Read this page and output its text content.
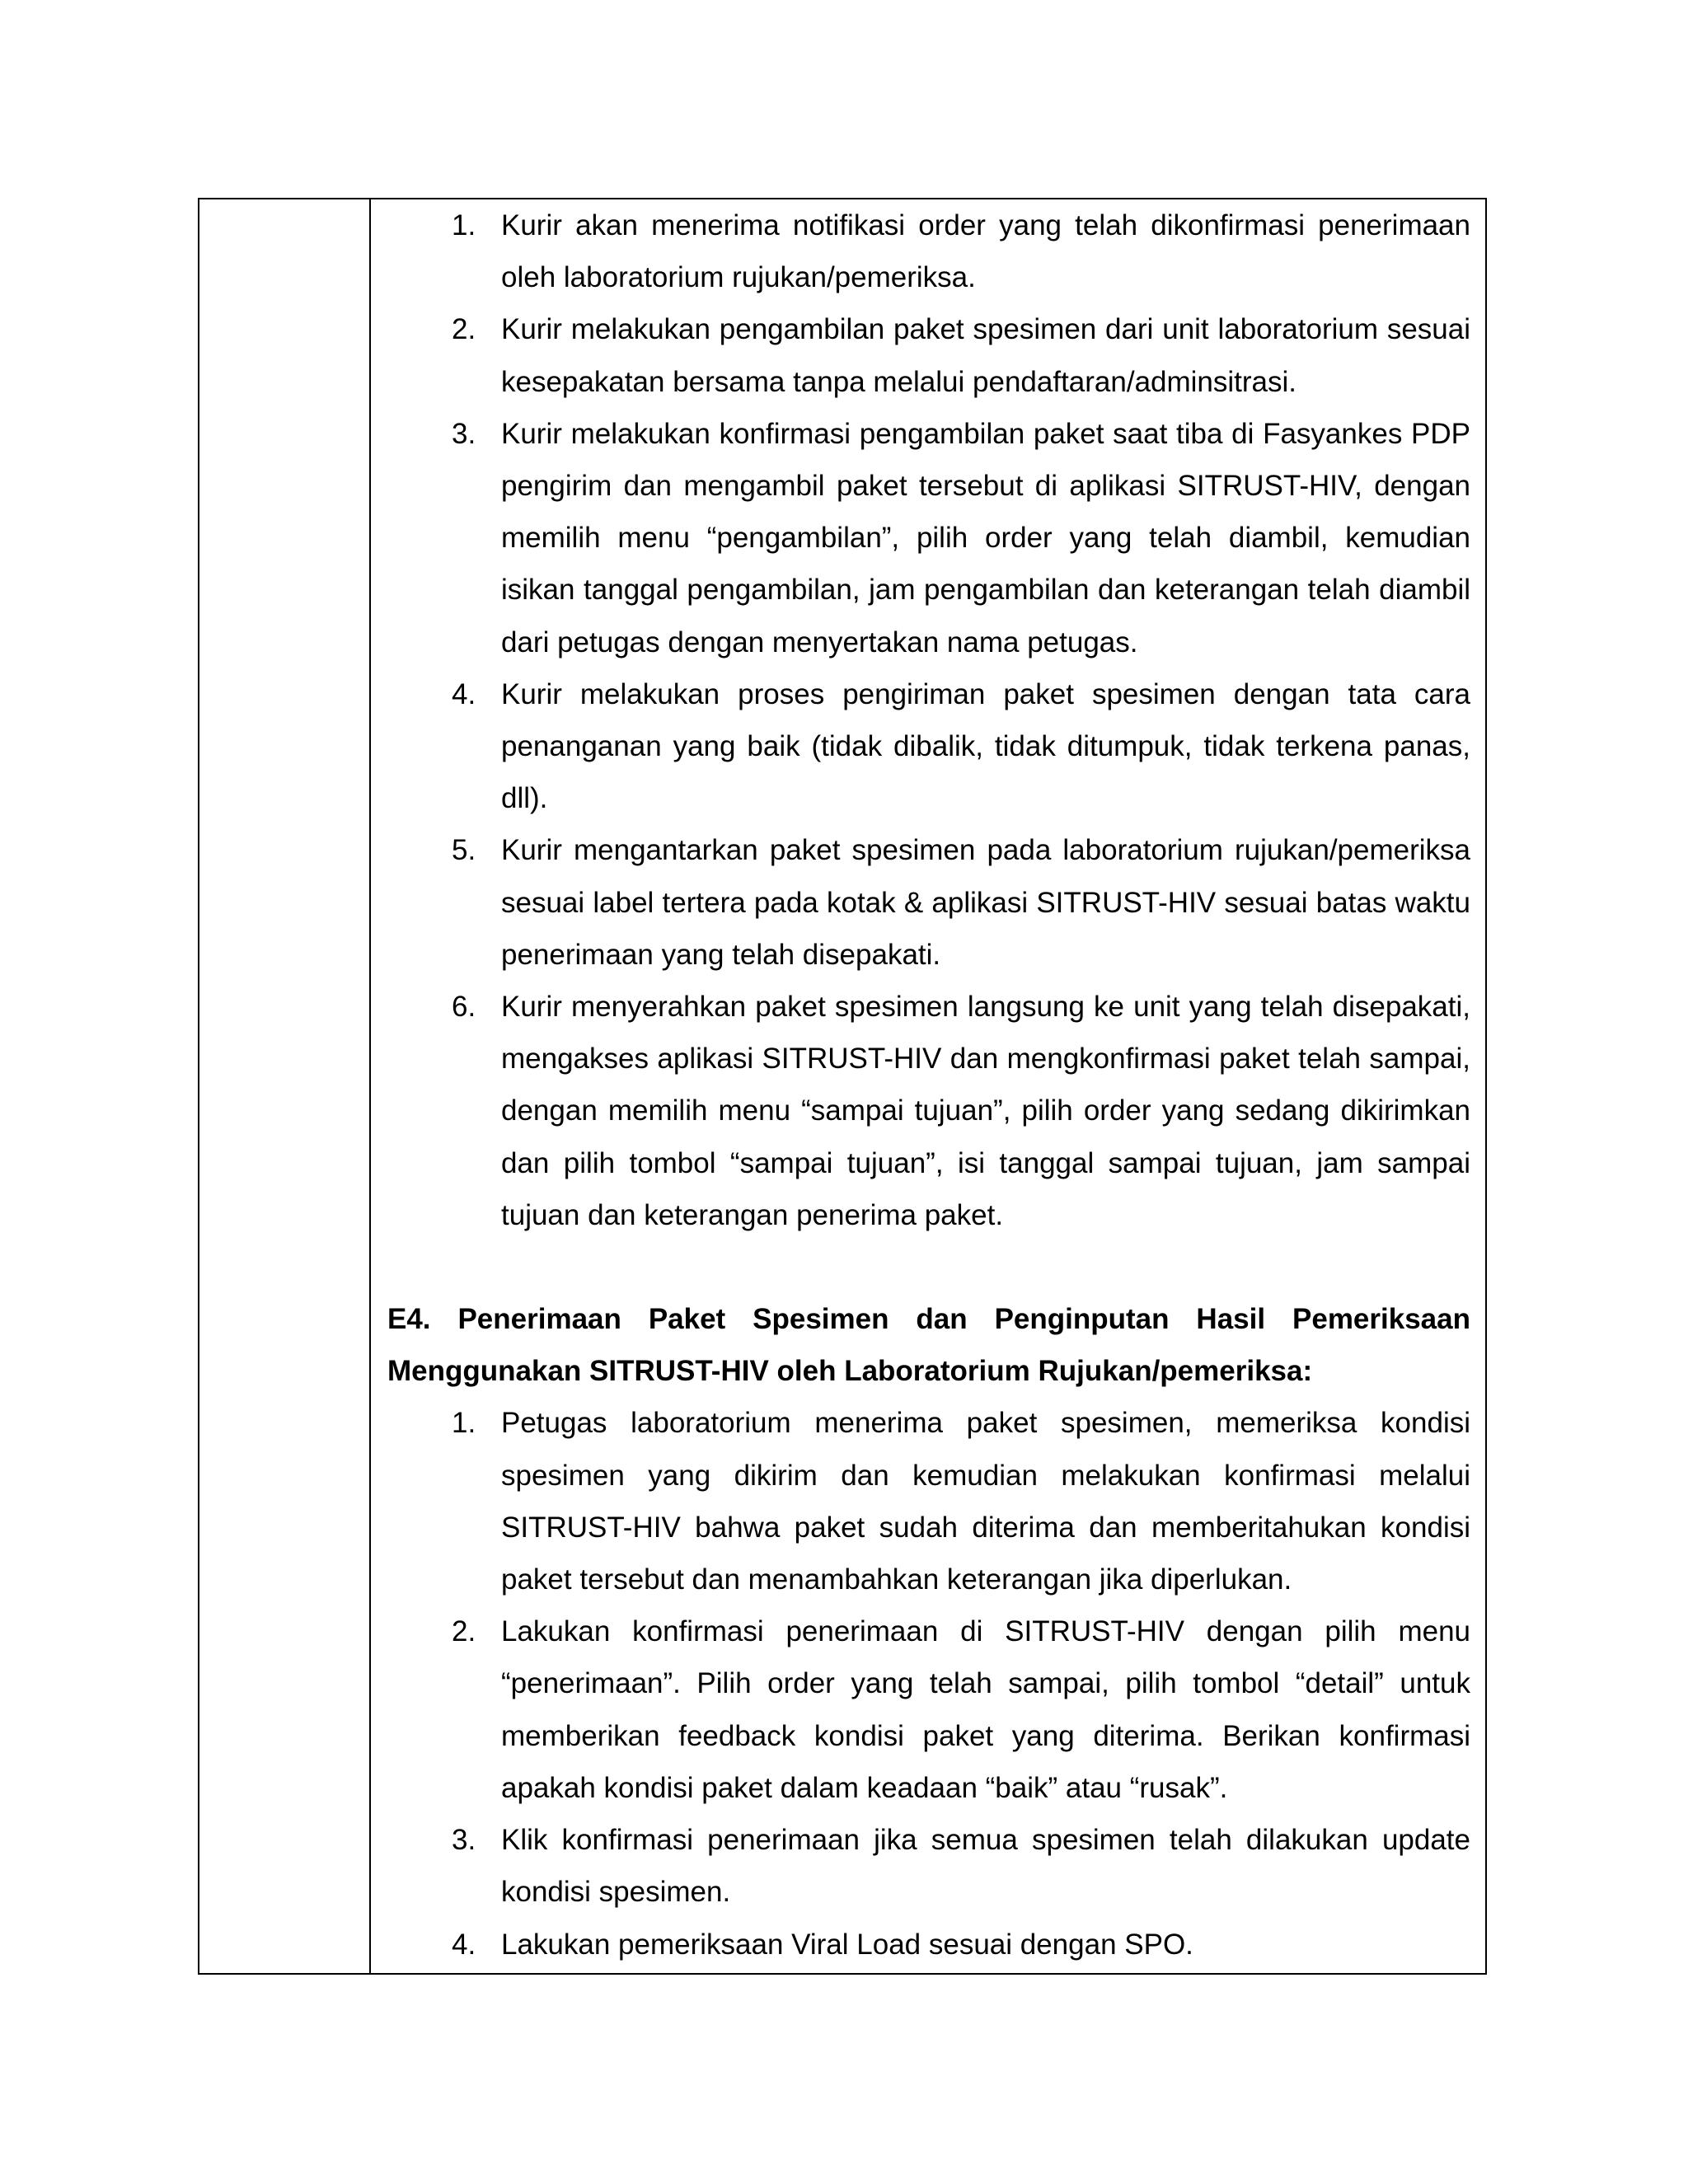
1. Kurir akan menerima notifikasi order yang telah dikonfirmasi penerimaan oleh laboratorium rujukan/pemeriksa.
2. Kurir melakukan pengambilan paket spesimen dari unit laboratorium sesuai kesepakatan bersama tanpa melalui pendaftaran/adminsitrasi.
3. Kurir melakukan konfirmasi pengambilan paket saat tiba di Fasyankes PDP pengirim dan mengambil paket tersebut di aplikasi SITRUST-HIV, dengan memilih menu “pengambilan”, pilih order yang telah diambil, kemudian isikan tanggal pengambilan, jam pengambilan dan keterangan telah diambil dari petugas dengan menyertakan nama petugas.
4. Kurir melakukan proses pengiriman paket spesimen dengan tata cara penanganan yang baik (tidak dibalik, tidak ditumpuk, tidak terkena panas, dll).
5. Kurir mengantarkan paket spesimen pada laboratorium rujukan/pemeriksa sesuai label tertera pada kotak & aplikasi SITRUST-HIV sesuai batas waktu penerimaan yang telah disepakati.
6. Kurir menyerahkan paket spesimen langsung ke unit yang telah disepakati, mengakses aplikasi SITRUST-HIV dan mengkonfirmasi paket telah sampai, dengan memilih menu “sampai tujuan”, pilih order yang sedang dikirimkan dan pilih tombol “sampai tujuan”, isi tanggal sampai tujuan, jam sampai tujuan dan keterangan penerima paket.

E4. Penerimaan Paket Spesimen dan Penginputan Hasil Pemeriksaan Menggunakan SITRUST-HIV oleh Laboratorium Rujukan/pemeriksa:

1. Petugas laboratorium menerima paket spesimen, memeriksa kondisi spesimen yang dikirim dan kemudian melakukan konfirmasi melalui SITRUST-HIV bahwa paket sudah diterima dan memberitahukan kondisi paket tersebut dan menambahkan keterangan jika diperlukan.
2. Lakukan konfirmasi penerimaan di SITRUST-HIV dengan pilih menu “penerimaan”. Pilih order yang telah sampai, pilih tombol “detail” untuk memberikan feedback kondisi paket yang diterima. Berikan konfirmasi apakah kondisi paket dalam keadaan “baik” atau “rusak”.
3. Klik konfirmasi penerimaan jika semua spesimen telah dilakukan update kondisi spesimen.
4. Lakukan pemeriksaan Viral Load sesuai dengan SPO.
